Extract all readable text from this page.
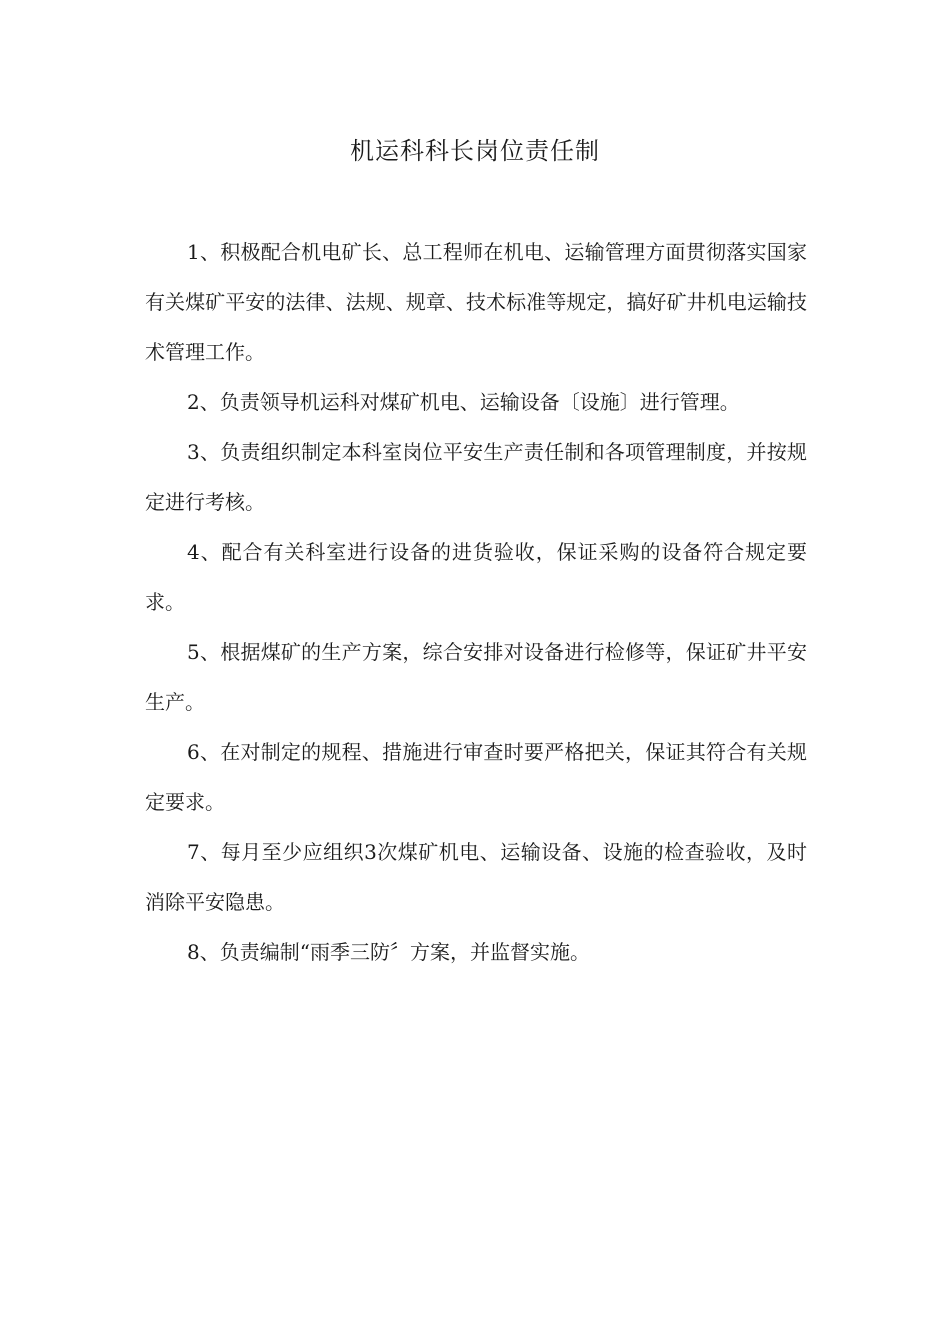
机运科科长岗位责任制

1、积极配合机电矿长、总工程师在机电、运输管理方面贯彻落实国家有关煤矿平安的法律、法规、规章、技术标准等规定，搞好矿井机电运输技术管理工作。

2、负责领导机运科对煤矿机电、运输设备〔设施〕进行管理。

3、负责组织制定本科室岗位平安生产责任制和各项管理制度，并按规定进行考核。

4、配合有关科室进行设备的进货验收，保证采购的设备符合规定要求。

5、根据煤矿的生产方案，综合安排对设备进行检修等，保证矿井平安生产。

6、在对制定的规程、措施进行审查时要严格把关，保证其符合有关规定要求。

7、每月至少应组织3次煤矿机电、运输设备、设施的检查验收，及时消除平安隐患。

8、负责编制“雨季三防〞方案，并监督实施。
